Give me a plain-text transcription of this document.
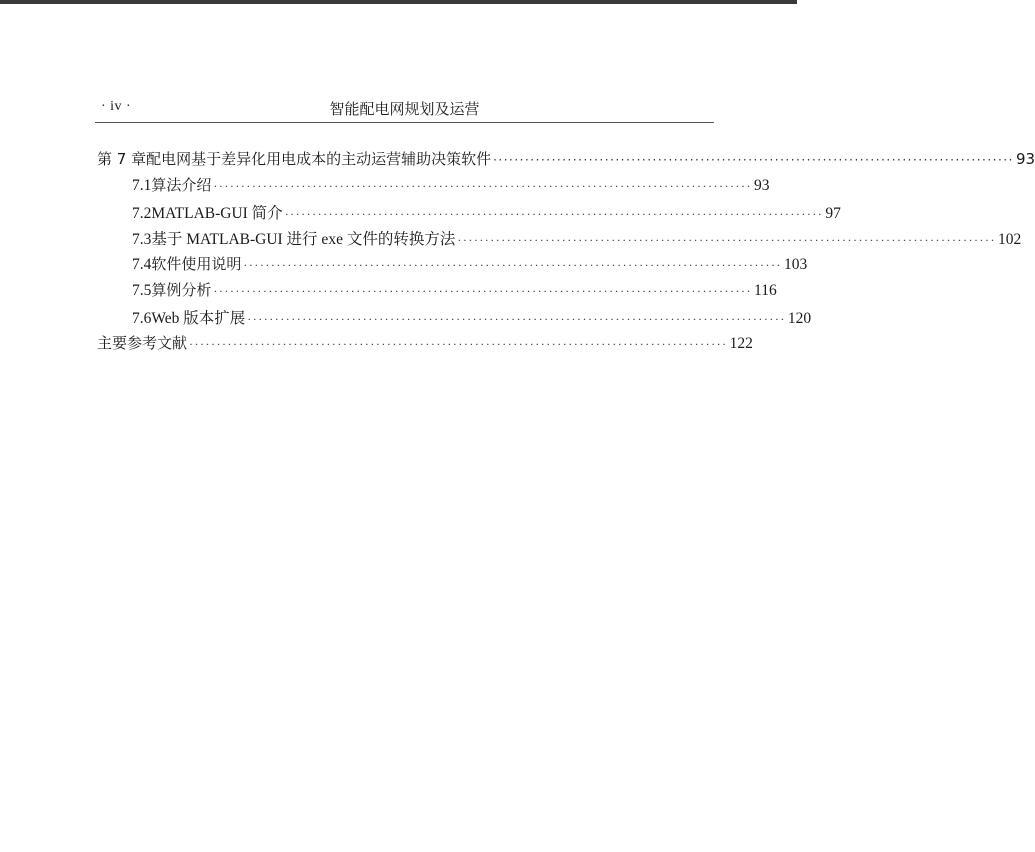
· iv ·	智能配电网规划及运营
第 7 章 配电网基于差异化用电成本的主动运营辅助决策软件 ·································································································· 93
7.1 算法介绍 ·································································································· 93
7.2 MATLAB-GUI 简介 ·································································································· 97
7.3 基于 MATLAB-GUI 进行 exe 文件的转换方法 ·································································································· 102
7.4 软件使用说明 ·································································································· 103
7.5 算例分析 ·································································································· 116
7.6 Web 版本扩展 ·································································································· 120
主要参考文献 ·································································································· 122
